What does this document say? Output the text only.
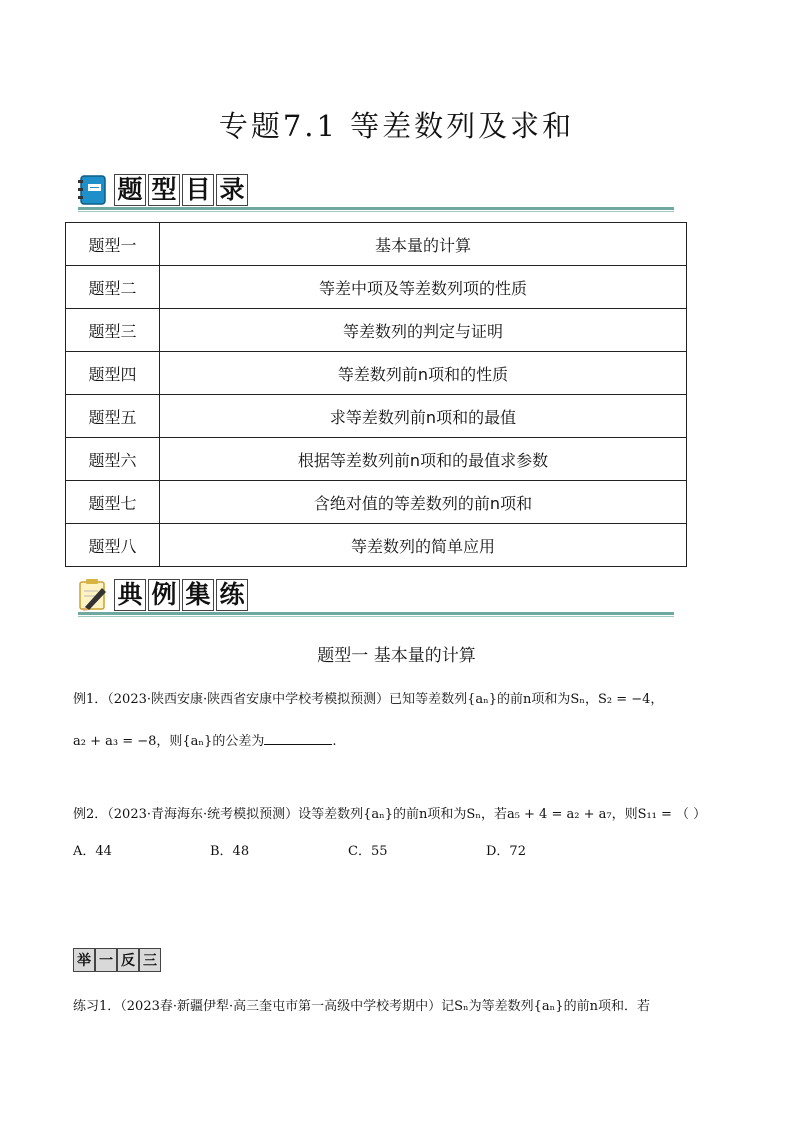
专题7.1 等差数列及求和
题 型 目 录
题型一	基本量的计算
题型二	等差中项及等差数列项的性质
题型三	等差数列的判定与证明
题型四	等差数列前n项和的性质
题型五	求等差数列前n项和的最值
题型六	根据等差数列前n项和的最值求参数
题型七	含绝对值的等差数列的前n项和
题型八	等差数列的简单应用
典 例 集 练
题型一 基本量的计算
例1．（2023·陕西安康·陕西省安康中学校考模拟预测）已知等差数列{aₙ}的前n项和为Sₙ，S₂ = −4，
a₂ + a₃ = −8，则{aₙ}的公差为	.
例2．（2023·青海海东·统考模拟预测）设等差数列{aₙ}的前n项和为Sₙ，若a₅ + 4 = a₂ + a₇，则S₁₁ = （ ）
A．44	B．48	C．55	D．72
举 一 反 三
练习1．（2023春·新疆伊犁·高三奎屯市第一高级中学校考期中）记Sₙ为等差数列{aₙ}的前n项和．若
